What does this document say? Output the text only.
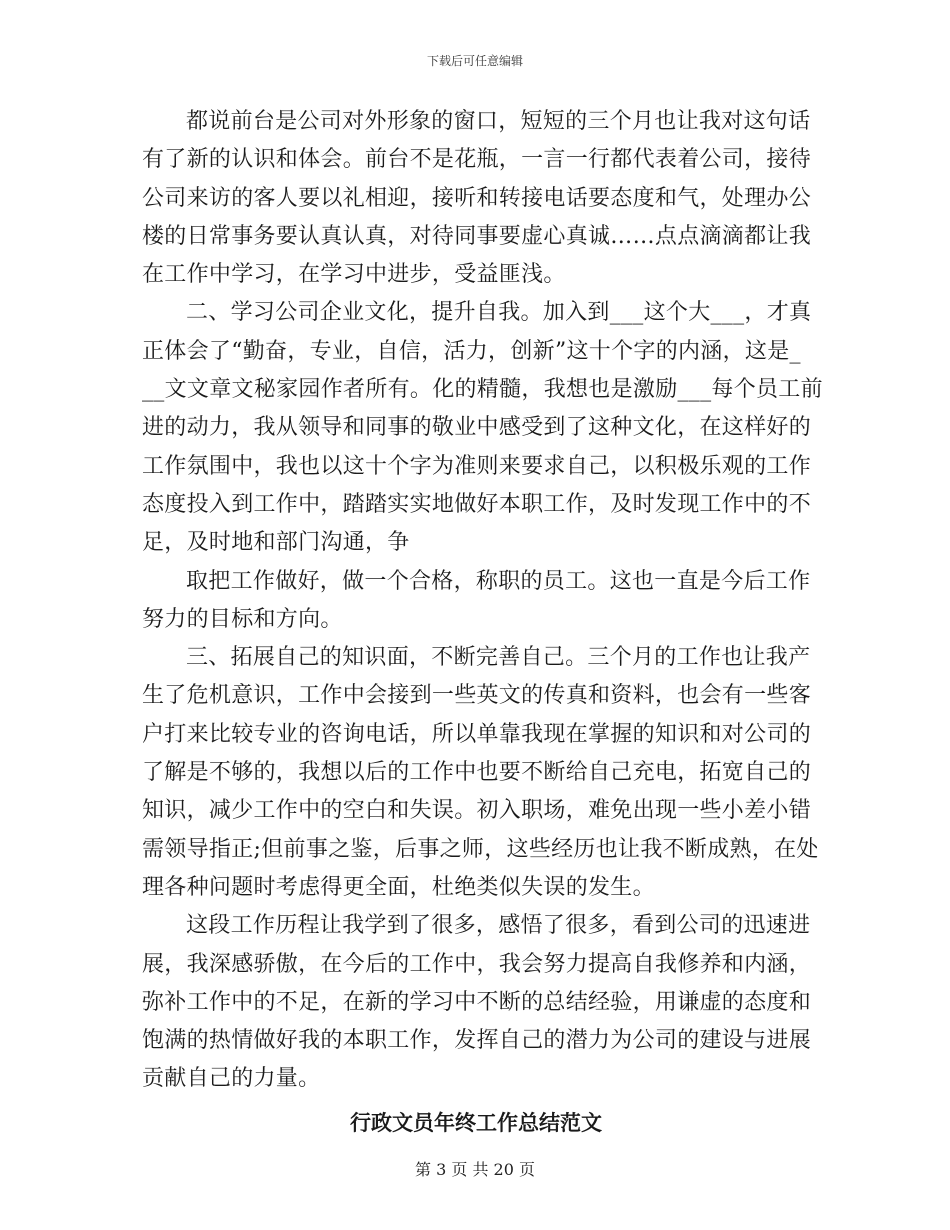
下载后可任意编辑
都说前台是公司对外形象的窗口，短短的三个月也让我对这句话
有了新的认识和体会。前台不是花瓶，一言一行都代表着公司，接待
公司来访的客人要以礼相迎，接听和转接电话要态度和气，处理办公
楼的日常事务要认真认真，对待同事要虚心真诚……点点滴滴都让我
在工作中学习，在学习中进步，受益匪浅。
二、学习公司企业文化，提升自我。加入到___这个大___，才真
正体会了“勤奋，专业，自信，活力，创新”这十个字的内涵，这是_
__文文章文秘家园作者所有。化的精髓，我想也是激励___每个员工前
进的动力，我从领导和同事的敬业中感受到了这种文化，在这样好的
工作氛围中，我也以这十个字为准则来要求自己，以积极乐观的工作
态度投入到工作中，踏踏实实地做好本职工作，及时发现工作中的不
足，及时地和部门沟通，争
取把工作做好，做一个合格，称职的员工。这也一直是今后工作
努力的目标和方向。
三、拓展自己的知识面，不断完善自己。三个月的工作也让我产
生了危机意识，工作中会接到一些英文的传真和资料，也会有一些客
户打来比较专业的咨询电话，所以单靠我现在掌握的知识和对公司的
了解是不够的，我想以后的工作中也要不断给自己充电，拓宽自己的
知识，减少工作中的空白和失误。初入职场，难免出现一些小差小错
需领导指正;但前事之鉴，后事之师，这些经历也让我不断成熟，在处
理各种问题时考虑得更全面，杜绝类似失误的发生。
这段工作历程让我学到了很多，感悟了很多，看到公司的迅速进
展，我深感骄傲，在今后的工作中，我会努力提高自我修养和内涵，
弥补工作中的不足，在新的学习中不断的总结经验，用谦虚的态度和
饱满的热情做好我的本职工作，发挥自己的潜力为公司的建设与进展
贡献自己的力量。
行政文员年终工作总结范文
第 3 页 共 20 页
